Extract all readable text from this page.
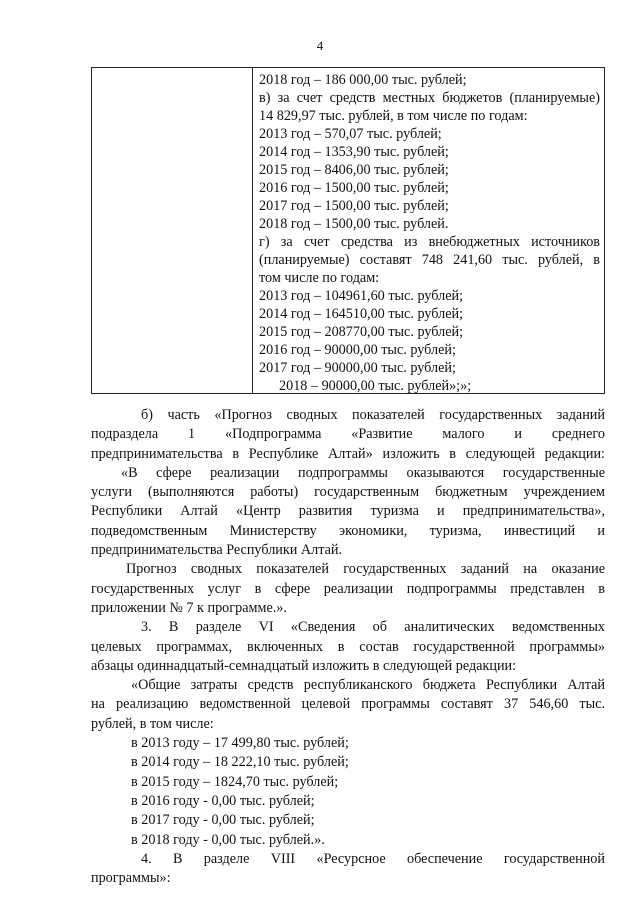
4
2018 год – 186 000,00 тыс. рублей;
в) за счет средств местных бюджетов (планируемые)
14 829,97 тыс. рублей, в том числе по годам:
2013 год – 570,07 тыс. рублей;
2014 год – 1353,90 тыс. рублей;
2015 год – 8406,00 тыс. рублей;
2016 год – 1500,00 тыс. рублей;
2017 год – 1500,00 тыс. рублей;
2018 год – 1500,00 тыс. рублей.
г) за счет средства из внебюджетных источников
(планируемые) составят 748 241,60 тыс. рублей, в
том числе по годам:
2013 год – 104961,60 тыс. рублей;
2014 год – 164510,00 тыс. рублей;
2015 год – 208770,00 тыс. рублей;
2016 год – 90000,00 тыс. рублей;
2017 год – 90000,00 тыс. рублей;
2018 – 90000,00 тыс. рублей»;»;
б) часть «Прогноз сводных показателей государственных заданий
подраздела 1 «Подпрограмма «Развитие малого и среднего
предпринимательства в Республике Алтай» изложить в следующей редакции:
«В сфере реализации подпрограммы оказываются государственные
услуги (выполняются работы) государственным бюджетным учреждением
Республики Алтай «Центр развития туризма и предпринимательства»,
подведомственным Министерству экономики, туризма, инвестиций и
предпринимательства Республики Алтай.
Прогноз сводных показателей государственных заданий на оказание
государственных услуг в сфере реализации подпрограммы представлен в
приложении № 7 к программе.».
3. В разделе VI «Сведения об аналитических ведомственных
целевых программах, включенных в состав государственной программы»
абзацы одиннадцатый-семнадцатый изложить в следующей редакции:
«Общие затраты средств республиканского бюджета Республики Алтай
на реализацию ведомственной целевой программы составят 37 546,60 тыс.
рублей, в том числе:
в 2013 году – 17 499,80 тыс. рублей;
в 2014 году – 18 222,10 тыс. рублей;
в 2015 году – 1824,70 тыс. рублей;
в 2016 году - 0,00 тыс. рублей;
в 2017 году - 0,00 тыс. рублей;
в 2018 году - 0,00 тыс. рублей.».
4. В разделе VIII «Ресурсное обеспечение государственной
программы»:
